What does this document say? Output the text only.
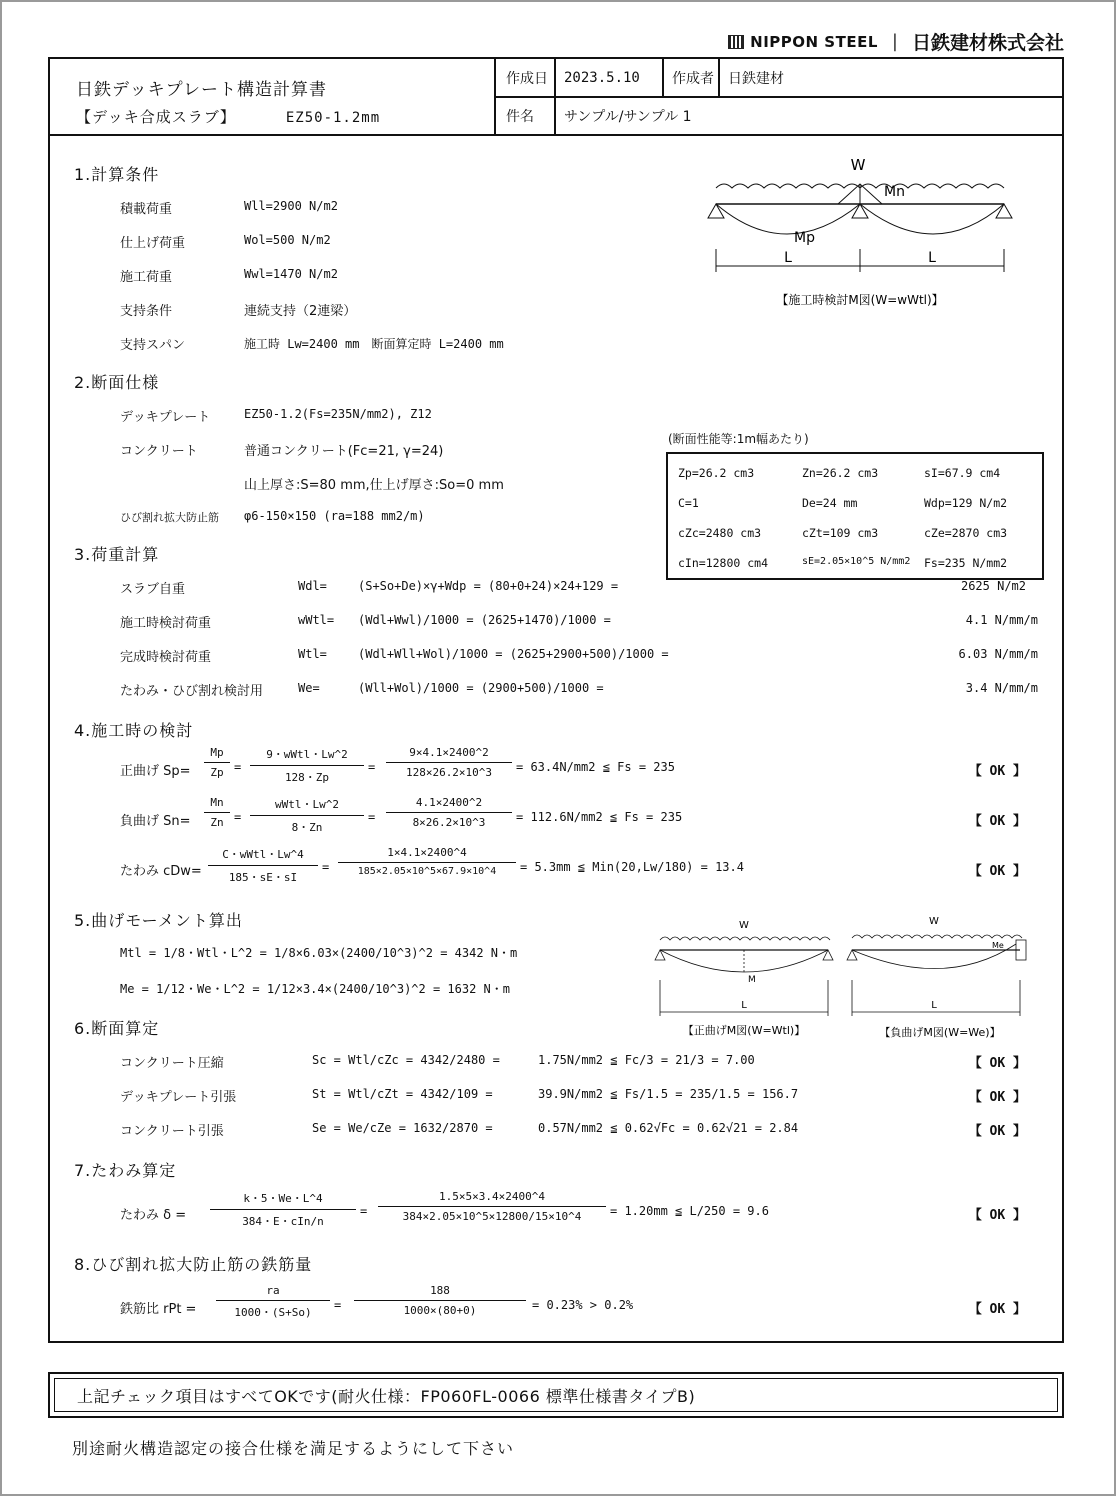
NIPPON STEEL | 日鉄建材株式会社
日鉄デッキプレート構造計算書
【デッキ合成スラブ】	EZ50-1.2mm
作成日	2023.5.10	作成者	日鉄建材
件名	サンプル/サンプル 1
1.計算条件
積載荷重	Wll=2900 N/m2
仕上げ荷重	Wol=500 N/m2
施工荷重	Wwl=1470 N/m2
支持条件	連続支持（2連梁）
支持スパン	施工時 Lw=2400 mm　断面算定時 L=2400 mm
W
Mn
Mp
L	L
【施工時検討M図(W=wWtl)】
2.断面仕様
デッキプレート	EZ50-1.2(Fs=235N/mm2), Z12
コンクリート	普通コンクリート(Fc=21, γ=24)
山上厚さ:S=80 mm,仕上げ厚さ:So=0 mm
ひび割れ拡大防止筋 φ6-150×150 (ra=188 mm2/m)
(断面性能等:1m幅あたり)
Zp=26.2 cm3	Zn=26.2 cm3	sI=67.9 cm4
C=1	De=24 mm	Wdp=129 N/m2
cZc=2480 cm3	cZt=109 cm3	cZe=2870 cm3
cIn=12800 cm4	sE=2.05×10^5 N/mm2 Fs=235 N/mm2
3.荷重計算
スラブ自重	Wdl=	(S+So+De)×γ+Wdp = (80+0+24)×24+129 =	2625 N/m2
施工時検討荷重	wWtl= (Wdl+Wwl)/1000 = (2625+1470)/1000 =	4.1 N/mm/m
完成時検討荷重	Wtl=	(Wdl+Wll+Wol)/1000 = (2625+2900+500)/1000 =	6.03 N/mm/m
たわみ・ひび割れ検討用	We=	(Wll+Wol)/1000 = (2900+500)/1000 =	3.4 N/mm/m
4.施工時の検討
正曲げ $Sp= \frac{Mp}{Zp}$ =
9・wWtl・Lw^2
128・Zp
= $\frac{9\times 4.1\times 2400\^{}2}{128\times 26.2\times 10\^{}3} = 63.4N/mm2$ ≦ Fs = 235	【 OK 】
負曲げ $Sn= \frac{Mn}{Zn}$ =
wWtl・Lw^2
8・Zn
= $\frac{4.1\times 2400\^{}2}{8\times 26.2\times 10\^{}3} = 112.6N/mm2$ ≦ Fs = 235	【 OK 】
たわみ cDw=
C・wWtl・Lw^4
185・sE・sI
= $\frac{1\times 4.1\times 2400\^{}4}{185\times 2.05\times 10\^{}5\times 67.9\times 10\^{}4} = 5.3mm$ ≦ Min(20,Lw/180) = 13.4	【 OK 】
5.曲げモーメント算出
Mtl = 1/8・Wtl・L^2 = 1/8×6.03×(2400/10^3)^2 = 4342 N・m
Me = 1/12・We・L^2 = 1/12×3.4×(2400/10^3)^2 = 1632 N・m
W
M
L
【正曲げM図(W=Wtl)】
W
Me
L
【負曲げM図(W=We)】
6.断面算定
コンクリート圧縮	Sc = Wtl/cZc = 4342/2480 =	1.75N/mm2 ≦ Fc/3 = 21/3 = 7.00	【 OK 】
デッキプレート引張	St = Wtl/cZt = 4342/109 =	39.9N/mm2 ≦ Fs/1.5 = 235/1.5 = 156.7	【 OK 】
コンクリート引張	Se = We/cZe = 1632/2870 =	0.57N/mm2 ≦ 0.62√Fc = 0.62√21 = 2.84	【 OK 】
7.たわみ算定
たわみ δ =
k・5・We・L^4
384・E・cIn/n
= $\frac{1.5\times 5\times 3.4\times 2400\^{}4}{384\times 2.05\times 10\^{}5\times 12800/15\times 10\^{}4} = 1.20mm$ ≦ L/250 = 9.6	【 OK 】
8.ひび割れ拡大防止筋の鉄筋量
鉄筋比 rPt = $\frac{ra}{1000・(S+So)} = \frac{188}{1000\times(80+0)} = 0.23\% > 0.2\%$	【 OK 】
上記チェック項目はすべてOKです(耐火仕様：FP060FL-0066 標準仕様書タイプB)
別途耐火構造認定の接合仕様を満足するようにして下さい
